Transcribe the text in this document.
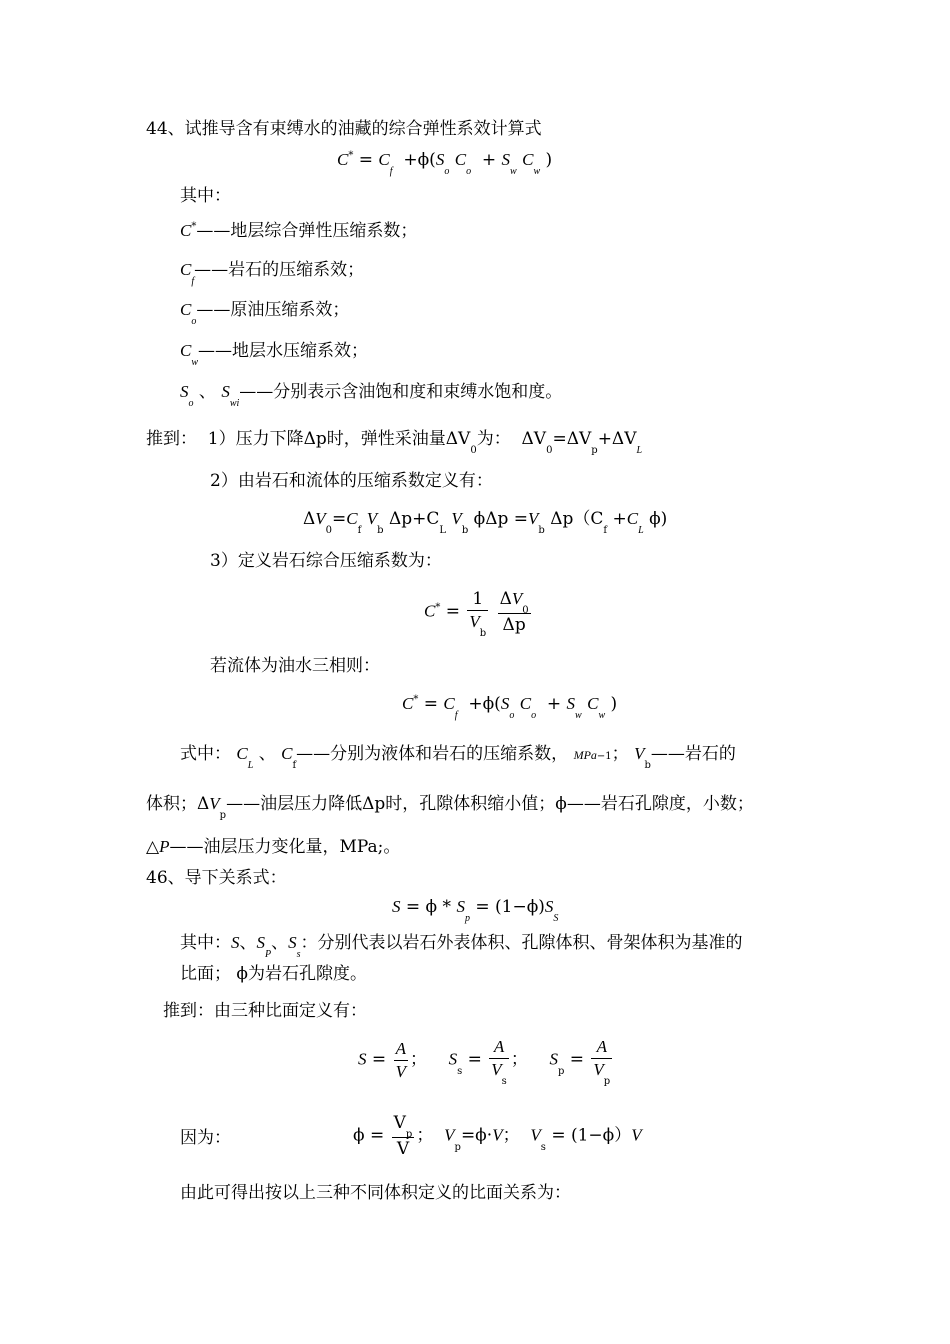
44、试推导含有束缚水的油藏的综合弹性系效计算式
$C^* = C_f +\phi(S_o$ $C_o + S_w$ $C_w$ )
其中：
C*——地层综合弹性压缩系数；
$C_f——$岩石的压缩系效；
$C_o——$原油压缩系效；
$C_w——$地层水压缩系效；
$S_o$ 、 $S_{wi}——$分别表示含油饱和度和束缚水饱和度。
推到：  1）压力下降Δp时，弹性采油量$\Delta V_0$为：  $\Delta V_0=\Delta V_p+\Delta V_L$
2）由岩石和流体的压缩系数定义有：
$\Delta V_0=C_f$ $V_b$ $\Delta p+C_L$ $V_b$ $\phi\Delta p =V_b$ $\Delta p(C_f +C_L$ ϕ)
3）定义岩石综合压缩系数为：
$C^* = \frac{1}{V_b}$
$\frac{\Delta V_0}{\Delta p}$
若流体为油水三相则：
$C^* = C_f +\phi(S_o$ $C_o + S_w$ $C_w$ )
式中： $C_L$ 、 $C_f——$分别为液体和岩石的压缩系数， MPa−1； $V_b——$岩石的
体积；$\Delta V_p——$油层压力降低Δp时，孔隙体积缩小值；ϕ——岩石孔隙度，小数；
△P——油层压力变化量，MPa;。
46、导下关系式：
$S = \phi * S_p = (1-\phi)S_S$
其中：S、$S_P$、$S_s$：分别代表以岩石外表体积、孔隙体积、骨架体积为基准的
比面； ϕ为岩石孔隙度。
推到：由三种比面定义有：
$S = \frac{A}{V}$ ；    $S_s = \frac{A}{V_s}$ ；    $S_p = \frac{A}{V_p}$
因为：	$\phi = \frac{V_p}{V}$ ；  $V_p=\phi\cdot V$；  $V_s = (1-\phi)V$
由此可得出按以上三种不同体积定义的比面关系为：
